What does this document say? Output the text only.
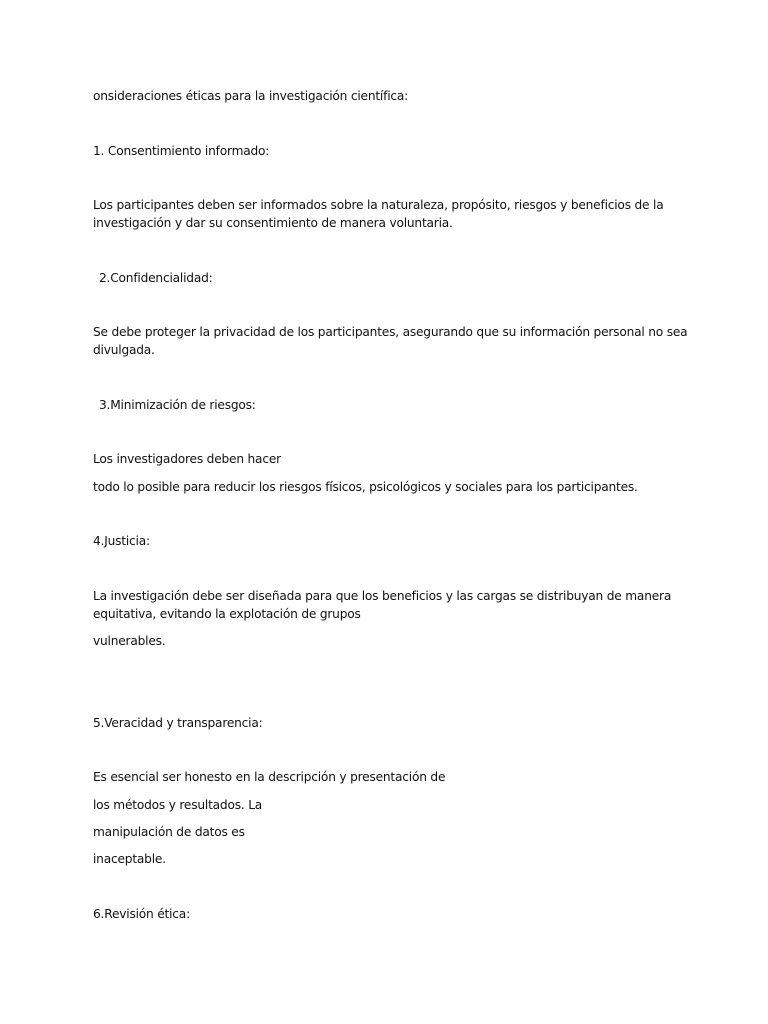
onsideraciones éticas para la investigación científica:

1. Consentimiento informado:

Los participantes deben ser informados sobre la naturaleza, propósito, riesgos y beneficios de la

investigación y dar su consentimiento de manera voluntaria.

2.Confidencialidad:

Se debe proteger la privacidad de los participantes, asegurando que su información personal no sea

divulgada.

3.Minimización de riesgos:

Los investigadores deben hacer

todo lo posible para reducir los riesgos físicos, psicológicos y sociales para los participantes.

4.Justicia:

La investigación debe ser diseñada para que los beneficios y las cargas se distribuyan de manera

equitativa, evitando la explotación de grupos

vulnerables.

5.Veracidad y transparencia:

Es esencial ser honesto en la descripción y presentación de

los métodos y resultados. La

manipulación de datos es

inaceptable.

6.Revisión ética:
